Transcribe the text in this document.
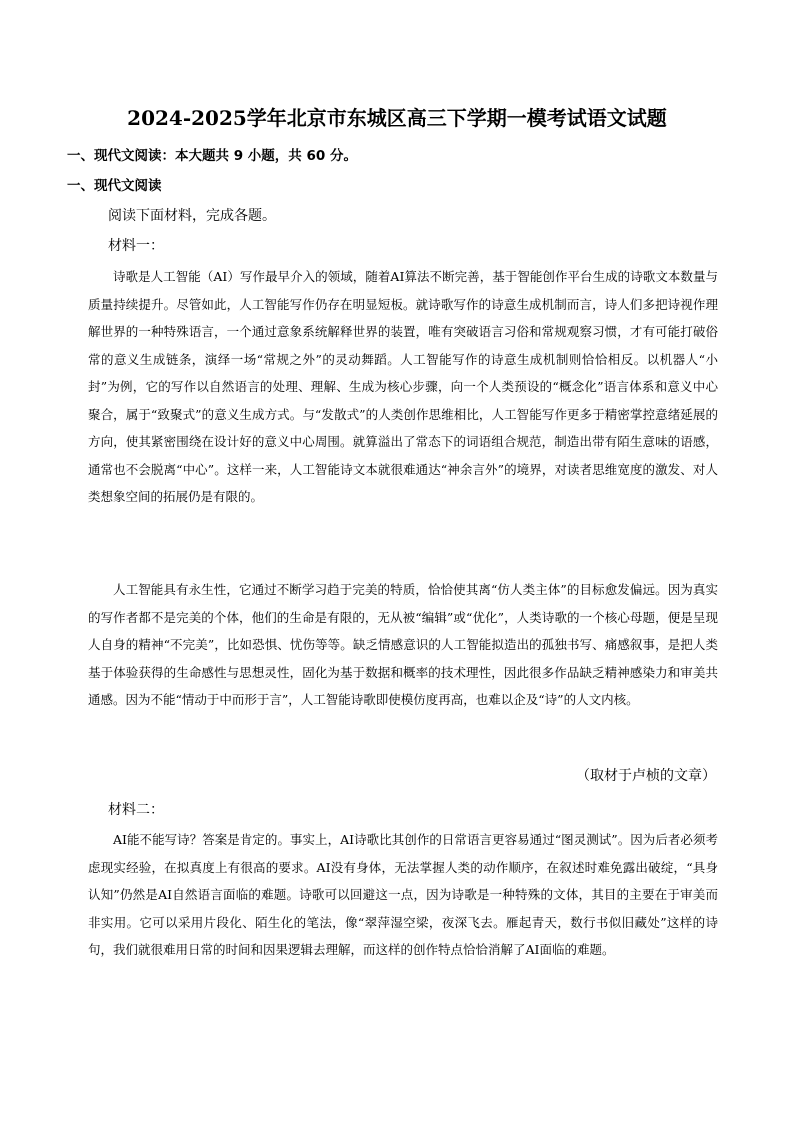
2024-2025学年北京市东城区高三下学期一模考试语文试题
一、现代文阅读：本大题共 9 小题，共 60 分。
一、现代文阅读
阅读下面材料，完成各题。
材料一：

诗歌是人工智能（AI）写作最早介入的领域，随着AI算法不断完善，基于智能创作平台生成的诗歌文本数量与质量持续提升。尽管如此，人工智能写作仍存在明显短板。就诗歌写作的诗意生成机制而言，诗人们多把诗视作理解世界的一种特殊语言，一个通过意象系统解释世界的装置，唯有突破语言习俗和常规观察习惯，才有可能打破俗常的意义生成链条，演绎一场“常规之外”的灵动舞蹈。人工智能写作的诗意生成机制则恰恰相反。以机器人“小封”为例，它的写作以自然语言的处理、理解、生成为核心步骤，向一个人类预设的“概念化”语言体系和意义中心聚合，属于“致聚式”的意义生成方式。与“发散式”的人类创作思维相比，人工智能写作更多于精密掌控意绪延展的方向，使其紧密围绕在设计好的意义中心周围。就算溢出了常态下的词语组合规范，制造出带有陌生意味的语感，通常也不会脱离“中心”。这样一来，人工智能诗文本就很难通达“神余言外”的境界，对读者思维宽度的激发、对人类想象空间的拓展仍是有限的。

人工智能具有永生性，它通过不断学习趋于完美的特质，恰恰使其离“仿人类主体”的目标愈发偏远。因为真实的写作者都不是完美的个体，他们的生命是有限的，无从被“编辑”或“优化”，人类诗歌的一个核心母题，便是呈现人自身的精神“不完美”，比如恐惧、忧伤等等。缺乏情感意识的人工智能拟造出的孤独书写、痛感叙事，是把人类基于体验获得的生命感性与思想灵性，固化为基于数据和概率的技术理性，因此很多作品缺乏精神感染力和审美共通感。因为不能“情动于中而形于言”，人工智能诗歌即使模仿度再高，也难以企及“诗”的人文内核。

（取材于卢桢的文章）
材料二：

AI能不能写诗？答案是肯定的。事实上，AI诗歌比其创作的日常语言更容易通过“图灵测试”。因为后者必须考虑现实经验，在拟真度上有很高的要求。AI没有身体，无法掌握人类的动作顺序，在叙述时难免露出破绽，“具身认知”仍然是AI自然语言面临的难题。诗歌可以回避这一点，因为诗歌是一种特殊的文体，其目的主要在于审美而非实用。它可以采用片段化、陌生化的笔法，像“翠萍湿空梁，夜深飞去。雁起青天，数行书似旧藏处”这样的诗句，我们就很难用日常的时间和因果逻辑去理解，而这样的创作特点恰恰消解了AI面临的难题。
